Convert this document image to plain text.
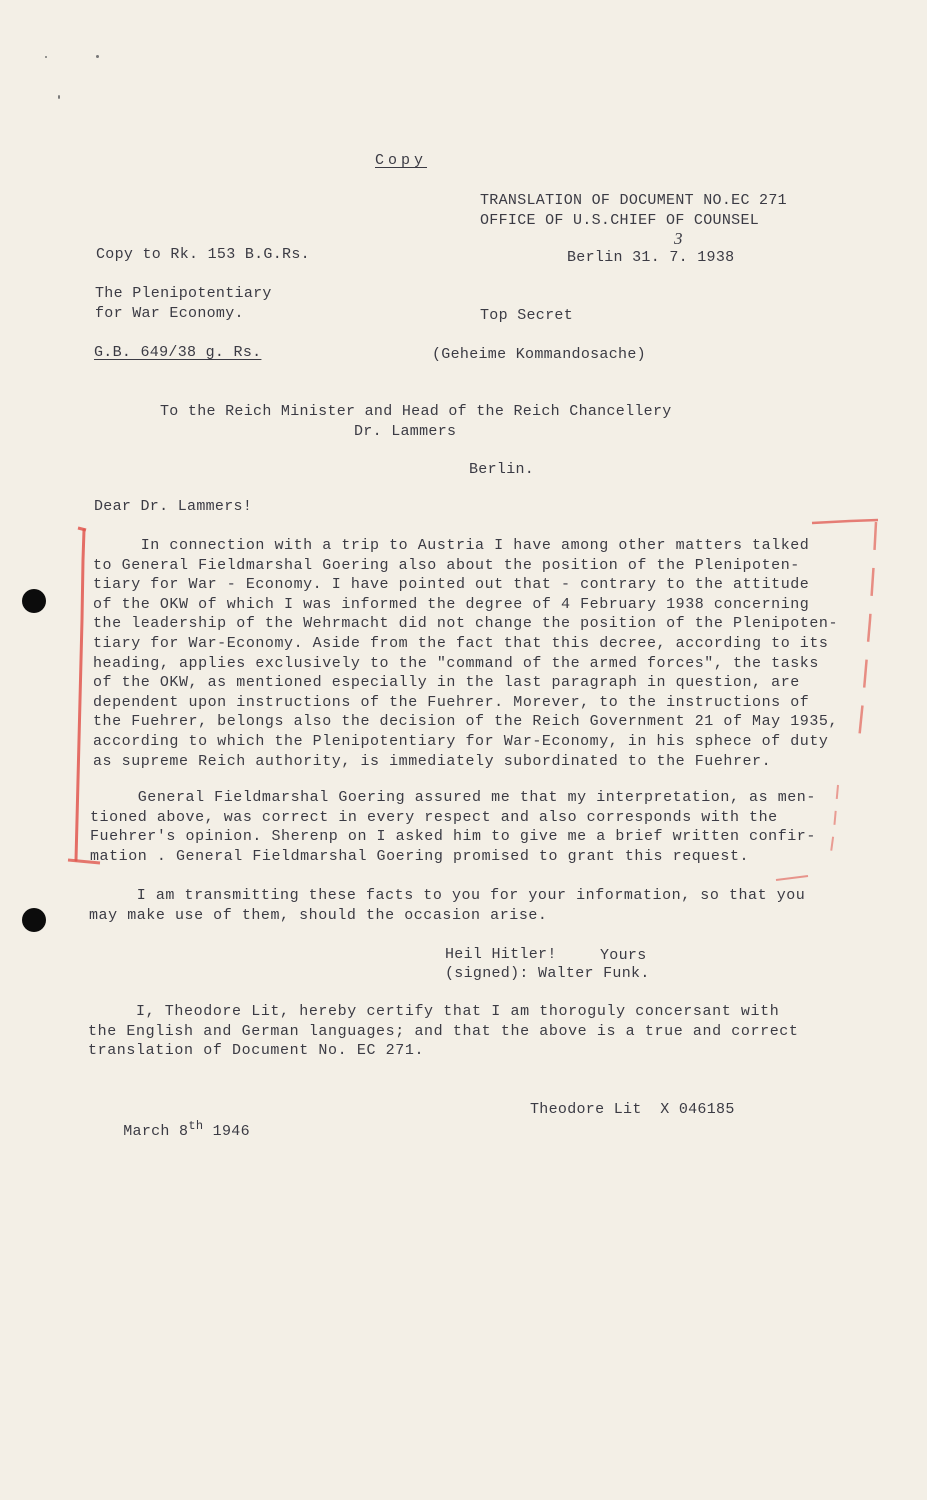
Copy
TRANSLATION OF DOCUMENT NO.EC 271
OFFICE OF U.S.CHIEF OF COUNSEL
Copy to Rk. 153 B.G.Rs.
3
Berlin 31. 7. 1938
The Plenipotentiary
for War Economy.	Top Secret
G.B. 649/38 g. Rs.	(Geheime Kommandosache)
To the Reich Minister and Head of the Reich Chancellery
Dr. Lammers
Berlin.
Dear Dr. Lammers!
In connection with a trip to Austria I have among other matters talked
to General Fieldmarshal Goering also about the position of the Plenipoten-
tiary for War - Economy. I have pointed out that - contrary to the attitude
of the OKW of which I was informed the degree of 4 February 1938 concerning
the leadership of the Wehrmacht did not change the position of the Plenipoten-
tiary for War-Economy. Aside from the fact that this decree, according to its
heading, applies exclusively to the "command of the armed forces", the tasks
of the OKW, as mentioned especially in the last paragraph in question, are
dependent upon instructions of the Fuehrer. Morever, to the instructions of
the Fuehrer, belongs also the decision of the Reich Government 21 of May 1935,
according to which the Plenipotentiary for War-Economy, in his sphece of duty
as supreme Reich authority, is immediately subordinated to the Fuehrer.
General Fieldmarshal Goering assured me that my interpretation, as men-
tioned above, was correct in every respect and also corresponds with the
Fuehrer's opinion. Sherenp on I asked him to give me a brief written confir-
mation . General Fieldmarshal Goering promised to grant this request.
I am transmitting these facts to you for your information, so that you
may make use of them, should the occasion arise.
Heil Hitler!	Yours
(signed): Walter Funk.
I, Theodore Lit, hereby certify that I am thoroguly concersant with
the English and German languages; and that the above is a true and correct
translation of Document No. EC 271.

March 8th 1946

Theodore Lit  X 046185
